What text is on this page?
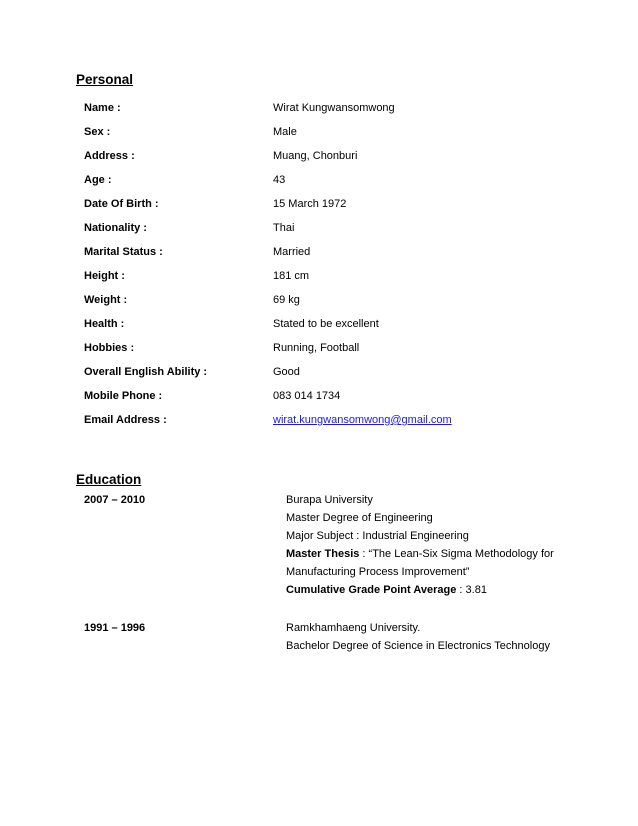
Personal
Name :	Wirat Kungwansomwong
Sex :	Male
Address :	Muang, Chonburi
Age :	43
Date Of Birth :	15 March 1972
Nationality :	Thai
Marital Status :	Married
Height :	181 cm
Weight :	69 kg
Health :	Stated to be excellent
Hobbies :	Running, Football
Overall English Ability :	Good
Mobile Phone :	083 014 1734
Email Address :	wirat.kungwansomwong@gmail.com
Education
2007 – 2010	Burapa University
Master Degree of Engineering
Major Subject : Industrial Engineering
Master Thesis : “The Lean-Six Sigma Methodology for
Manufacturing Process Improvement”
Cumulative Grade Point Average : 3.81
1991 – 1996	Ramkhamhaeng University.
Bachelor Degree of Science in Electronics Technology
